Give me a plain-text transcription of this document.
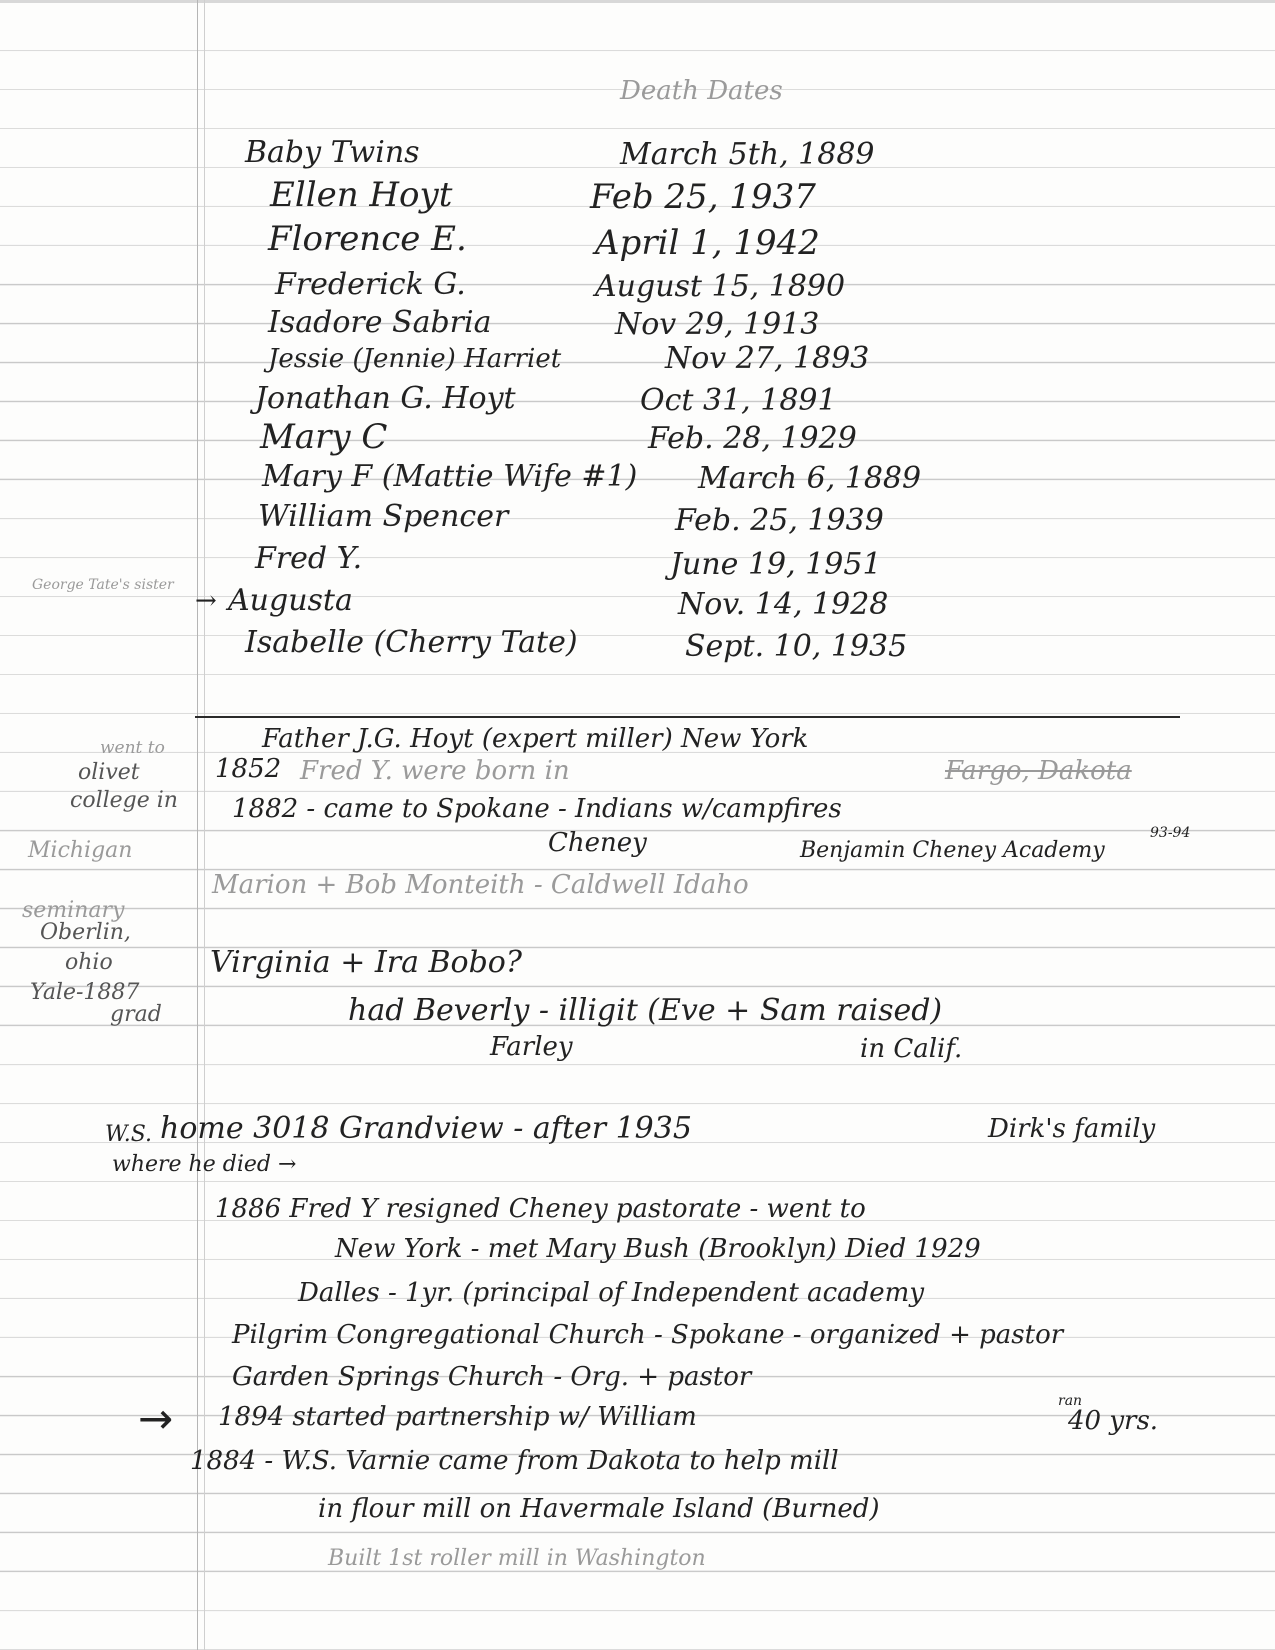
Death Dates
Baby Twins	March 5th, 1889
Ellen Hoyt	Feb 25, 1937
Florence E.	April 1, 1942
Frederick G.	August 15, 1890
Isadore Sabria	Nov 29, 1913
Jessie (Jennie) Harriet	Nov 27, 1893
Jonathan G. Hoyt	Oct 31, 1891
Mary C	Feb. 28, 1929
Mary F (Mattie Wife #1) March 6, 1889
William Spencer	Feb. 25, 1939
Fred Y.	June 19, 1951
George Tate's sister
→ Augusta	Nov. 14, 1928
Isabelle (Cherry Tate)	Sept. 10, 1935
went to
olivet
college in
Michigan
seminary
Oberlin,
ohio
Yale-1887
grad
Father J.G. Hoyt (expert miller) New York
1852 Fred Y. were born in	Fargo, Dakota
1882 - came to Spokane - Indians w/campfires
Cheney	Benjamin Cheney Academy
93-94
Marion + Bob Monteith - Caldwell Idaho
Virginia + Ira Bobo?
had Beverly - illigit (Eve + Sam raised)
Farley	in Calif.
W.S. home 3018 Grandview - after 1935
where he died →
Dirk's family
1886 Fred Y resigned Cheney pastorate - went to
New York - met Mary Bush (Brooklyn) Died 1929
Dalles - 1yr. (principal of Independent academy
Pilgrim Congregational Church - Spokane - organized + pastor
Garden Springs Church - Org. + pastor
→ 1894 started partnership w/ William
ran
40 yrs.
1884 - W.S. Varnie came from Dakota to help mill
in flour mill on Havermale Island (Burned)
Built 1st roller mill in Washington
